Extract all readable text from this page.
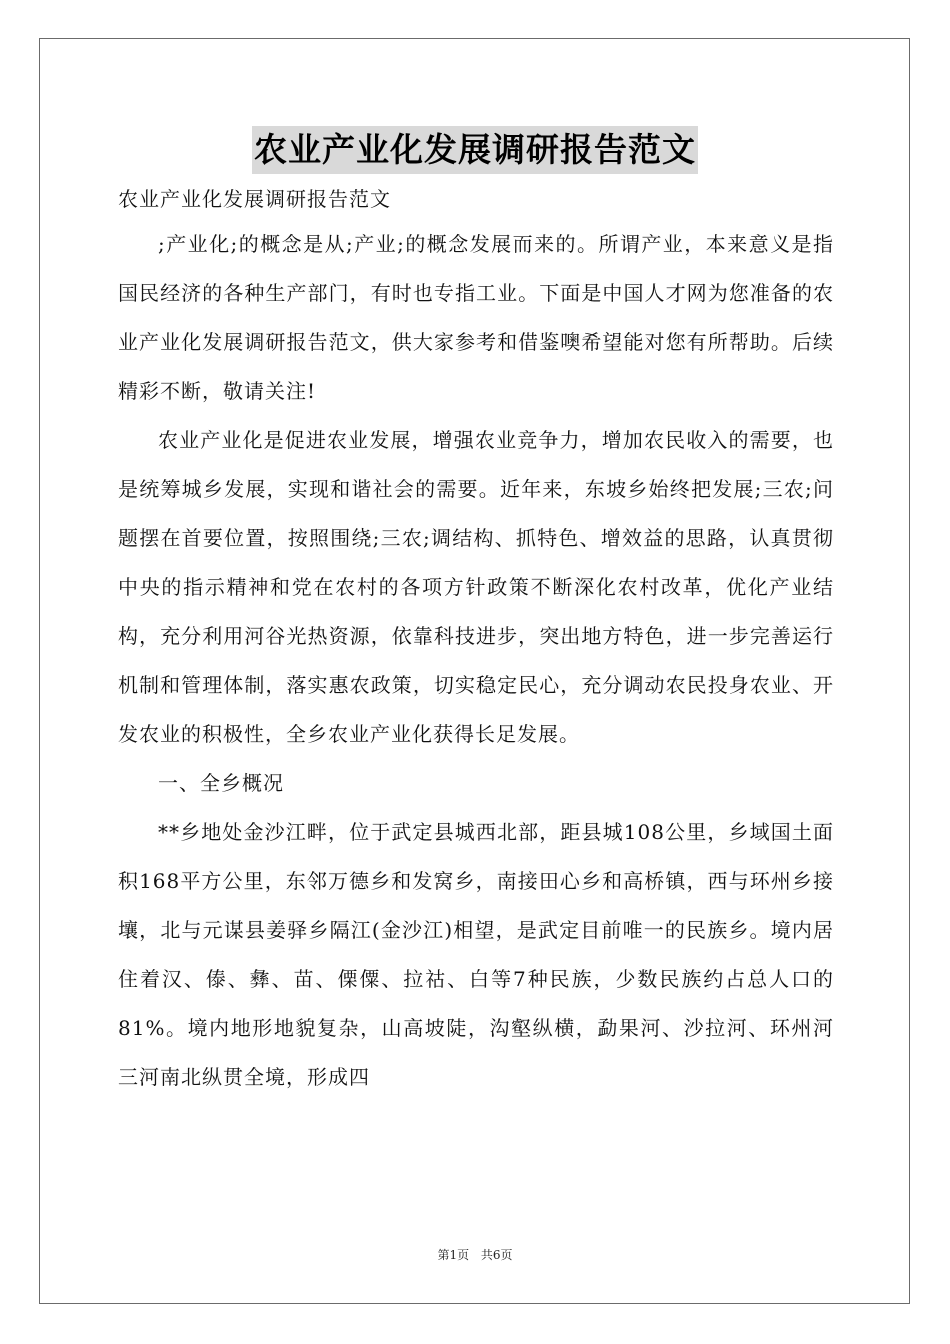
农业产业化发展调研报告范文

农业产业化发展调研报告范文

;产业化;的概念是从;产业;的概念发展而来的。所谓产业，本来意义是指国民经济的各种生产部门，有时也专指工业。下面是中国人才网为您准备的农业产业化发展调研报告范文，供大家参考和借鉴噢希望能对您有所帮助。后续精彩不断，敬请关注!

农业产业化是促进农业发展，增强农业竞争力，增加农民收入的需要，也是统筹城乡发展，实现和谐社会的需要。近年来，东坡乡始终把发展;三农;问题摆在首要位置，按照围绕;三农;调结构、抓特色、增效益的思路，认真贯彻中央的指示精神和党在农村的各项方针政策不断深化农村改革，优化产业结构，充分利用河谷光热资源，依靠科技进步，突出地方特色，进一步完善运行机制和管理体制，落实惠农政策，切实稳定民心，充分调动农民投身农业、开发农业的积极性，全乡农业产业化获得长足发展。

一、全乡概况

**乡地处金沙江畔，位于武定县城西北部，距县城108公里，乡域国土面积168平方公里，东邻万德乡和发窝乡，南接田心乡和高桥镇，西与环州乡接壤，北与元谋县姜驿乡隔江(金沙江)相望，是武定目前唯一的民族乡。境内居住着汉、傣、彝、苗、傈僳、拉祜、白等7种民族，少数民族约占总人口的81%。境内地形地貌复杂，山高坡陡，沟壑纵横，勐果河、沙拉河、环州河三河南北纵贯全境，形成四

第1页 共6页
